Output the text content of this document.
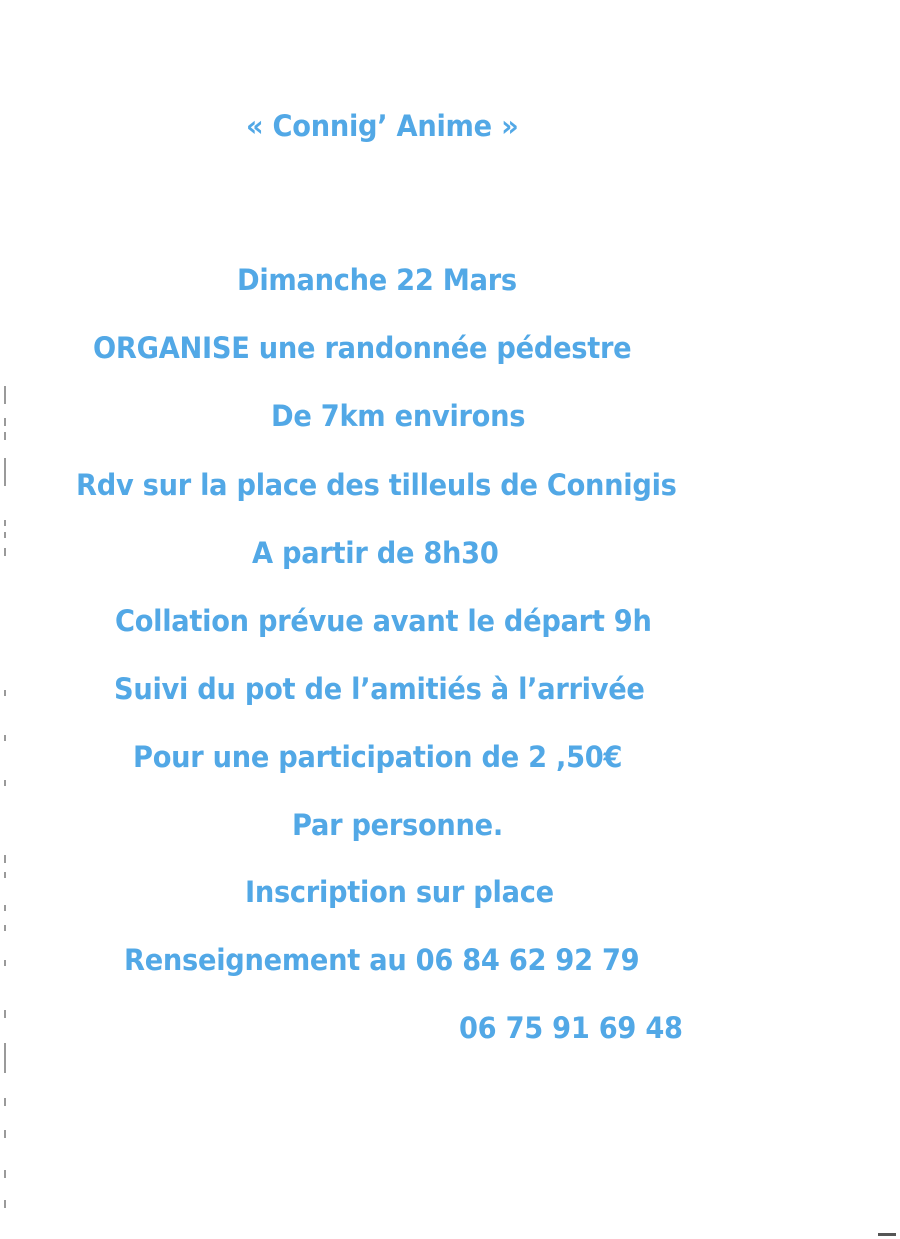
« Connig’ Anime »
Dimanche 22 Mars
ORGANISE une randonnée pédestre
De 7km environs
Rdv sur la place des tilleuls de Connigis
A partir de 8h30
Collation prévue avant le départ 9h
Suivi du pot de l’amitiés à l’arrivée
Pour une participation de 2 ,50€
Par personne.
Inscription sur place
Renseignement au 06 84 62 92 79
06 75 91 69 48
